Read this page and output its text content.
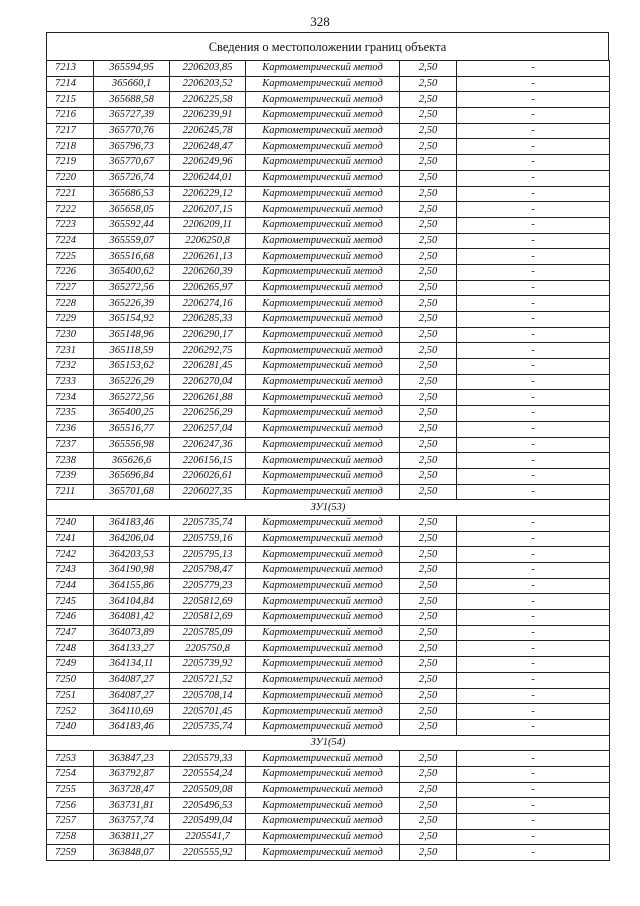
328
Сведения о местоположении границ объекта
7213	365594,95	2206203,85	Картометрический метод	2,50	-
7214	365660,1	2206203,52	Картометрический метод	2,50	-
7215	365688,58	2206225,58	Картометрический метод	2,50	-
7216	365727,39	2206239,91	Картометрический метод	2,50	-
7217	365770,76	2206245,78	Картометрический метод	2,50	-
7218	365796,73	2206248,47	Картометрический метод	2,50	-
7219	365770,67	2206249,96	Картометрический метод	2,50	-
7220	365726,74	2206244,01	Картометрический метод	2,50	-
7221	365686,53	2206229,12	Картометрический метод	2,50	-
7222	365658,05	2206207,15	Картометрический метод	2,50	-
7223	365592,44	2206209,11	Картометрический метод	2,50	-
7224	365559,07	2206250,8	Картометрический метод	2,50	-
7225	365516,68	2206261,13	Картометрический метод	2,50	-
7226	365400,62	2206260,39	Картометрический метод	2,50	-
7227	365272,56	2206265,97	Картометрический метод	2,50	-
7228	365226,39	2206274,16	Картометрический метод	2,50	-
7229	365154,92	2206285,33	Картометрический метод	2,50	-
7230	365148,96	2206290,17	Картометрический метод	2,50	-
7231	365118,59	2206292,75	Картометрический метод	2,50	-
7232	365153,62	2206281,45	Картометрический метод	2,50	-
7233	365226,29	2206270,04	Картометрический метод	2,50	-
7234	365272,56	2206261,88	Картометрический метод	2,50	-
7235	365400,25	2206256,29	Картометрический метод	2,50	-
7236	365516,77	2206257,04	Картометрический метод	2,50	-
7237	365556,98	2206247,36	Картометрический метод	2,50	-
7238	365626,6	2206156,15	Картометрический метод	2,50	-
7239	365696,84	2206026,61	Картометрический метод	2,50	-
7211	365701,68	2206027,35	Картометрический метод	2,50	-
ЗУ1(53)					
7240	364183,46	2205735,74	Картометрический метод	2,50	-
7241	364206,04	2205759,16	Картометрический метод	2,50	-
7242	364203,53	2205795,13	Картометрический метод	2,50	-
7243	364190,98	2205798,47	Картометрический метод	2,50	-
7244	364155,86	2205779,23	Картометрический метод	2,50	-
7245	364104,84	2205812,69	Картометрический метод	2,50	-
7246	364081,42	2205812,69	Картометрический метод	2,50	-
7247	364073,89	2205785,09	Картометрический метод	2,50	-
7248	364133,27	2205750,8	Картометрический метод	2,50	-
7249	364134,11	2205739,92	Картометрический метод	2,50	-
7250	364087,27	2205721,52	Картометрический метод	2,50	-
7251	364087,27	2205708,14	Картометрический метод	2,50	-
7252	364110,69	2205701,45	Картометрический метод	2,50	-
7240	364183,46	2205735,74	Картометрический метод	2,50	-
ЗУ1(54)					
7253	363847,23	2205579,33	Картометрический метод	2,50	-
7254	363792,87	2205554,24	Картометрический метод	2,50	-
7255	363728,47	2205509,08	Картометрический метод	2,50	-
7256	363731,81	2205496,53	Картометрический метод	2,50	-
7257	363757,74	2205499,04	Картометрический метод	2,50	-
7258	363811,27	2205541,7	Картометрический метод	2,50	-
7259	363848,07	2205555,92	Картометрический метод	2,50	-
